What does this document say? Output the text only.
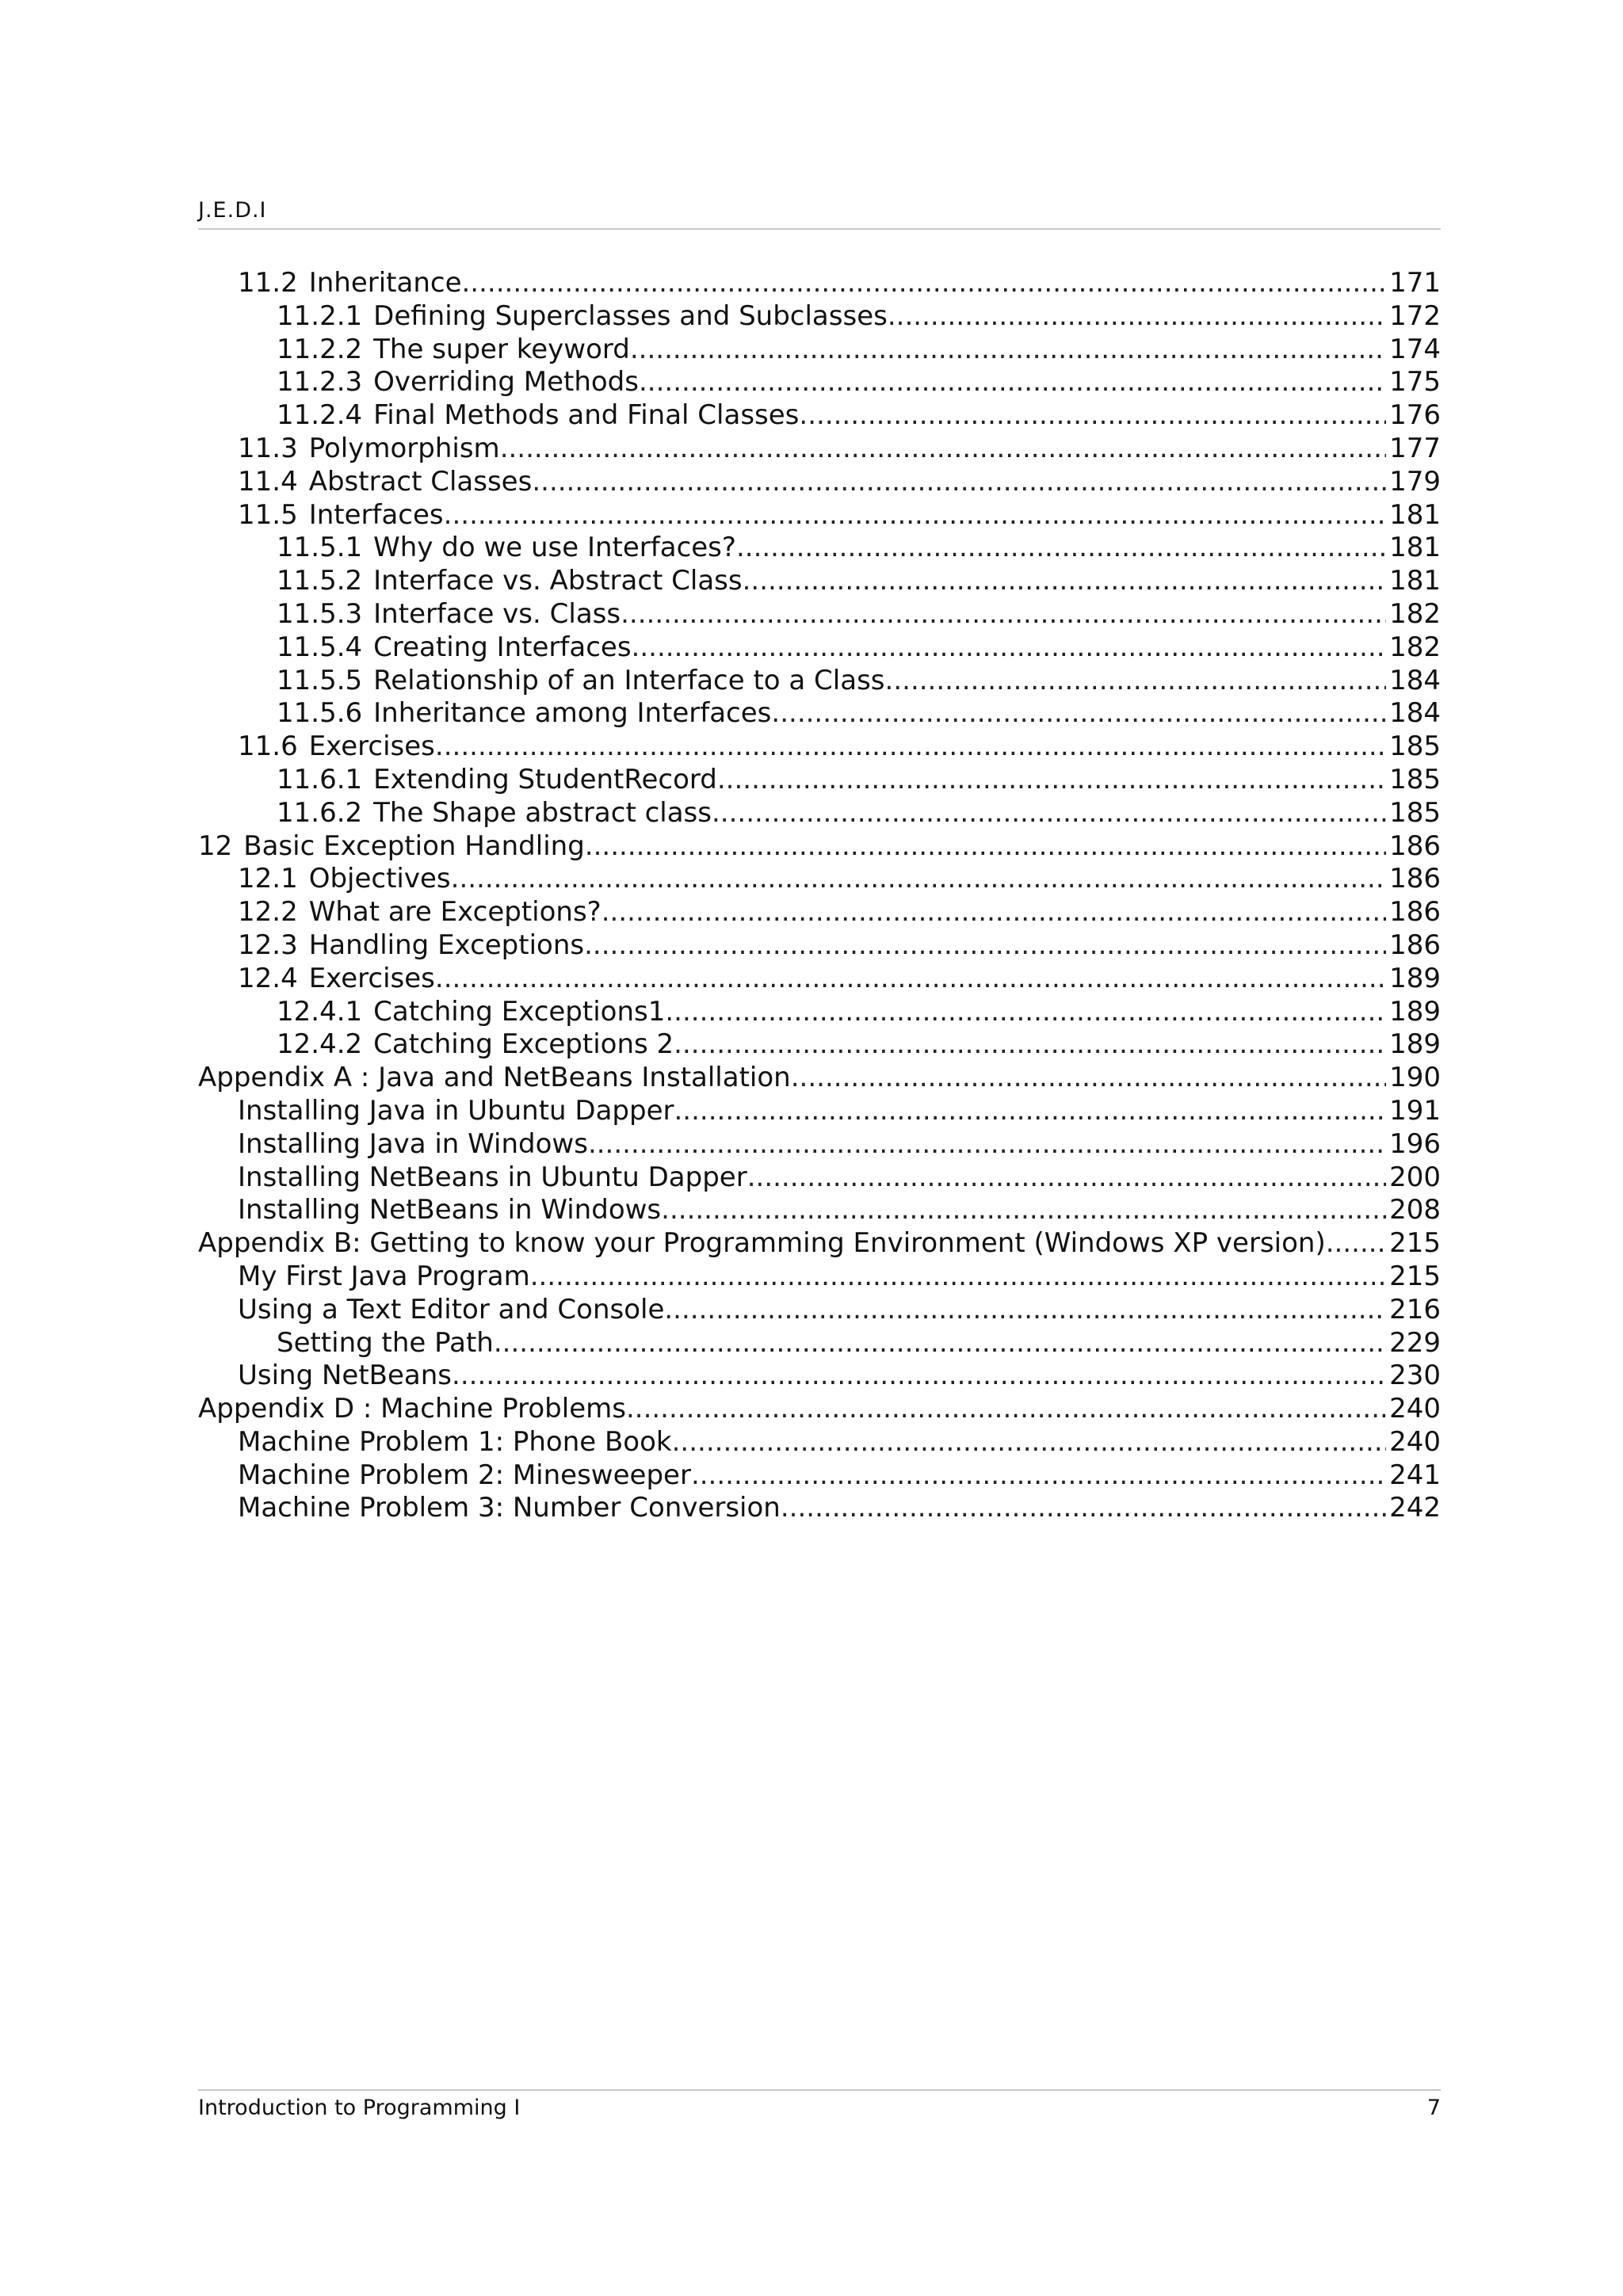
J.E.D.I
11.2 Inheritance .....	171
11.2.1 Defining Superclasses and Subclasses .....	172
11.2.2 The super keyword .....	174
11.2.3 Overriding Methods .....	175
11.2.4 Final Methods and Final Classes .....	176
11.3 Polymorphism .....	177
11.4 Abstract Classes .....	179
11.5 Interfaces .....	181
11.5.1 Why do we use Interfaces? .....	181
11.5.2 Interface vs. Abstract Class .....	181
11.5.3 Interface vs. Class .....	182
11.5.4 Creating Interfaces .....	182
11.5.5 Relationship of an Interface to a Class .....	184
11.5.6 Inheritance among Interfaces .....	184
11.6 Exercises .....	185
11.6.1 Extending StudentRecord .....	185
11.6.2 The Shape abstract class .....	185
12 Basic Exception Handling .....	186
12.1 Objectives .....	186
12.2 What are Exceptions? .....	186
12.3 Handling Exceptions .....	186
12.4 Exercises .....	189
12.4.1 Catching Exceptions1 .....	189
12.4.2 Catching Exceptions 2 .....	189
Appendix A : Java and NetBeans Installation .....	190
Installing Java in Ubuntu Dapper .....	191
Installing Java in Windows .....	196
Installing NetBeans in Ubuntu Dapper .....	200
Installing NetBeans in Windows .....	208
Appendix B: Getting to know your Programming Environment (Windows XP version) ..... 215
My First Java Program .....	215
Using a Text Editor and Console .....	216
Setting the Path .....	229
Using NetBeans .....	230
Appendix D : Machine Problems .....	240
Machine Problem 1: Phone Book .....	240
Machine Problem 2: Minesweeper .....	241
Machine Problem 3: Number Conversion .....	242
Introduction to Programming I	7
